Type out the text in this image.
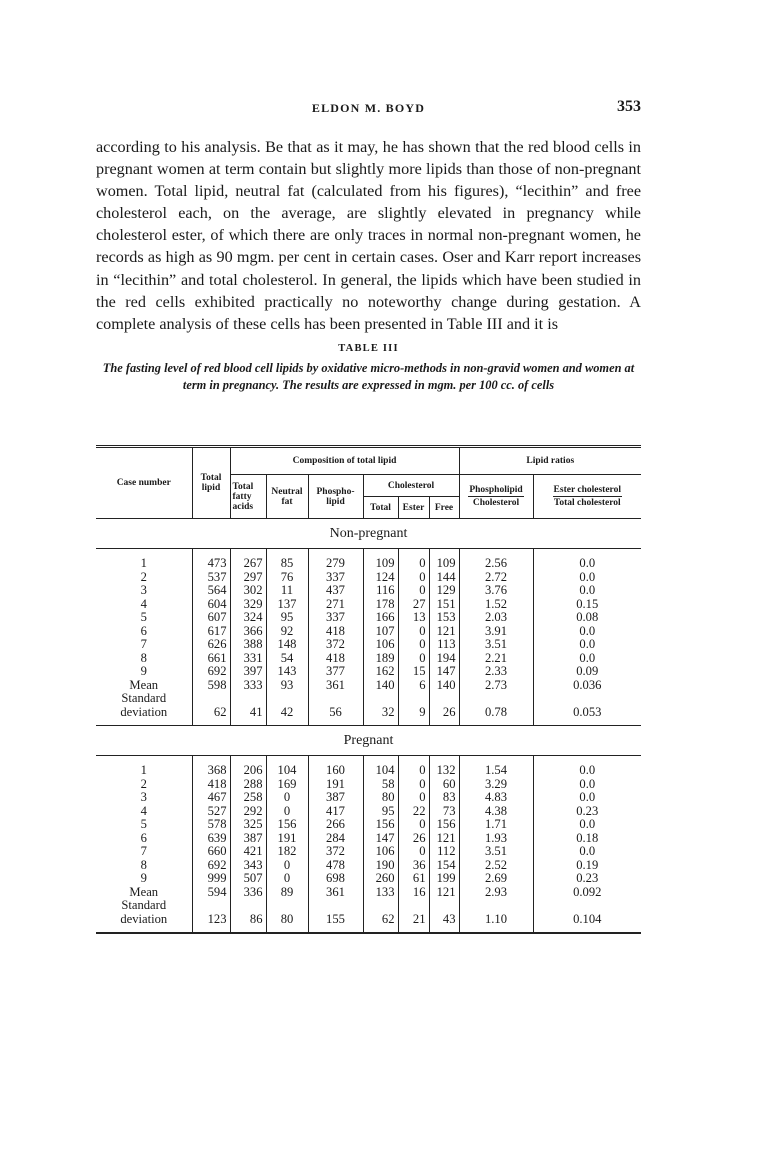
ELDON M. BOYD	353

according to his analysis. Be that as it may, he has shown that the red blood cells in pregnant women at term contain but slightly more lipids than those of non-pregnant women. Total lipid, neutral fat (calculated from his figures), “lecithin” and free cholesterol each, on the average, are slightly elevated in pregnancy while cholesterol ester, of which there are only traces in normal non-pregnant women, he records as high as 90 mgm. per cent in certain cases. Oser and Karr report increases in “lecithin” and total cholesterol. In general, the lipids which have been studied in the red cells exhibited practically no noteworthy change during gestation. A complete analysis of these cells has been presented in Table III and it is

TABLE III

The fasting level of red blood cell lipids by oxidative micro-methods in non-gravid women and women at term in pregnancy. The results are expressed in mgm. per 100 cc. of cells

Case number	Total lipid	Composition of total lipid						Lipid ratios	
		Total fatty acids	Neutral fat	Phospho-lipid	Cholesterol			$\frac{\text{Phospholipid}}{\text{Cholesterol}}$	$\frac{\text{Ester cholesterol}}{\text{Total cholesterol}}$

					Total	Ester	Free		
Non-pregnant									
1	473	267	85	279	109	0	109	2.56	0.0
2	537	297	76	337	124	0	144	2.72	0.0
3	564	302	11	437	116	0	129	3.76	0.0
4	604	329	137	271	178	27	151	1.52	0.15
5	607	324	95	337	166	13	153	2.03	0.08
6	617	366	92	418	107	0	121	3.91	0.0
7	626	388	148	372	106	0	113	3.51	0.0
8	661	331	54	418	189	0	194	2.21	0.0
9	692	397	143	377	162	15	147	2.33	0.09
Mean	598	333	93	361	140	6	140	2.73	0.036
Standard									
deviation	62	41	42	56	32	9	26	0.78	0.053
Pregnant									
1	368	206	104	160	104	0	132	1.54	0.0
2	418	288	169	191	58	0	60	3.29	0.0
3	467	258	0	387	80	0	83	4.83	0.0
4	527	292	0	417	95	22	73	4.38	0.23
5	578	325	156	266	156	0	156	1.71	0.0
6	639	387	191	284	147	26	121	1.93	0.18
7	660	421	182	372	106	0	112	3.51	0.0
8	692	343	0	478	190	36	154	2.52	0.19
9	999	507	0	698	260	61	199	2.69	0.23
Mean	594	336	89	361	133	16	121	2.93	0.092
Standard									
deviation	123	86	80	155	62	21	43	1.10	0.104
